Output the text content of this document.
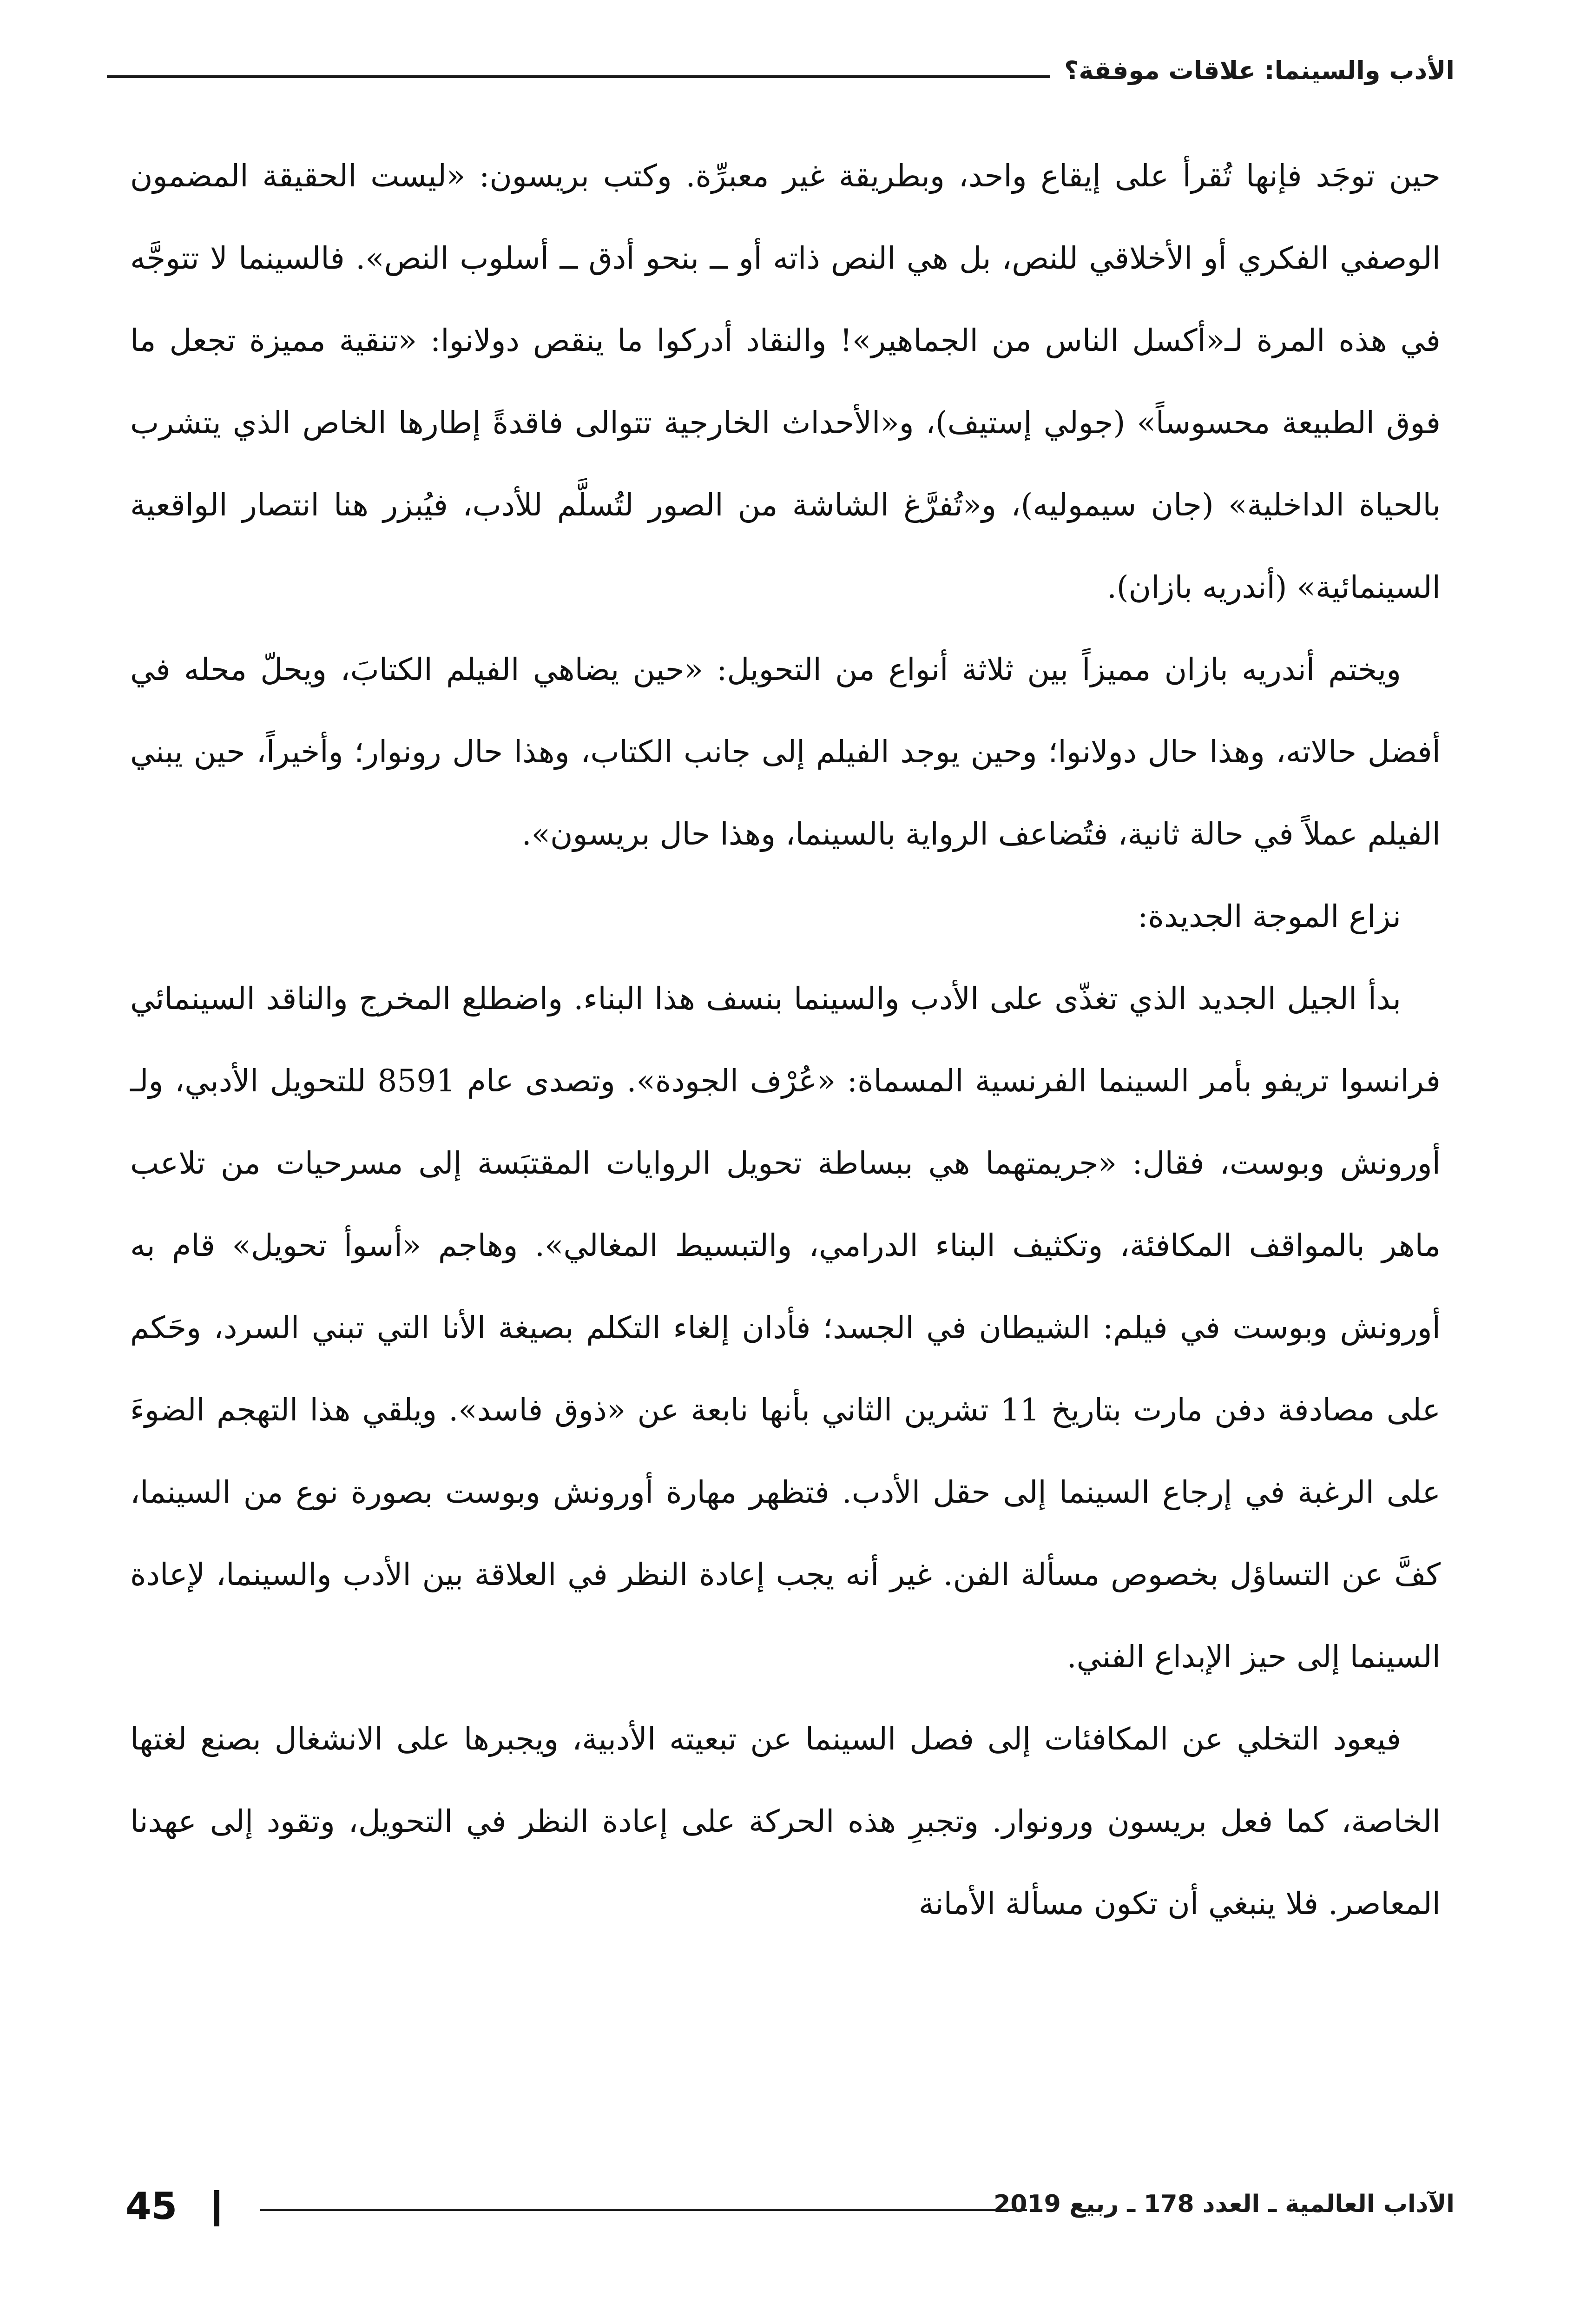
الأدب والسينما: علاقات موفقة؟

حين توجَد فإنها تُقرأ على إيقاع واحد، وبطريقة غير معبرِّة. وكتب بريسون: «ليست الحقيقة المضمون الوصفي الفكري أو الأخلاقي للنص، بل هي النص ذاته أو ــ بنحو أدق ــ أسلوب النص». فالسينما لا تتوجَّه في هذه المرة لـ«أكسل الناس من الجماهير»! والنقاد أدركوا ما ينقص دولانوا: «تنقية مميزة تجعل ما فوق الطبيعة محسوساً» (جولي إستيف)، و«الأحداث الخارجية تتوالى فاقدةً إطارها الخاص الذي يتشرب بالحياة الداخلية» (جان سيموليه)، و«تُفرَّغ الشاشة من الصور لتُسلَّم للأدب، فيُبزر هنا انتصار الواقعية السينمائية» (أندريه بازان).

ويختم أندريه بازان مميزاً بين ثلاثة أنواع من التحويل: «حين يضاهي الفيلم الكتابَ، ويحلّ محله في أفضل حالاته، وهذا حال دولانوا؛ وحين يوجد الفيلم إلى جانب الكتاب، وهذا حال رونوار؛ وأخيراً، حين يبني الفيلم عملاً في حالة ثانية، فتُضاعف الرواية بالسينما، وهذا حال بريسون».

نزاع الموجة الجديدة:

بدأ الجيل الجديد الذي تغذّى على الأدب والسينما بنسف هذا البناء. واضطلع المخرج والناقد السينمائي فرانسوا تريفو بأمر السينما الفرنسية المسماة: «عُرْف الجودة». وتصدى عام 8591 للتحويل الأدبي، ولـ أورونش وبوست، فقال: «جريمتهما هي ببساطة تحويل الروايات المقتبَسة إلى مسرحيات من تلاعب ماهر بالمواقف المكافئة، وتكثيف البناء الدرامي، والتبسيط المغالي». وهاجم «أسوأ تحويل» قام به أورونش وبوست في فيلم: الشيطان في الجسد؛ فأدان إلغاء التكلم بصيغة الأنا التي تبني السرد، وحَكم على مصادفة دفن مارت بتاريخ 11 تشرين الثاني بأنها نابعة عن «ذوق فاسد». ويلقي هذا التهجم الضوءَ على الرغبة في إرجاع السينما إلى حقل الأدب. فتظهر مهارة أورونش وبوست بصورة نوع من السينما، كفَّ عن التساؤل بخصوص مسألة الفن. غير أنه يجب إعادة النظر في العلاقة بين الأدب والسينما، لإعادة السينما إلى حيز الإبداع الفني.

فيعود التخلي عن المكافئات إلى فصل السينما عن تبعيته الأدبية، ويجبرها على الانشغال بصنع لغتها الخاصة، كما فعل بريسون ورونوار. وتجبرِ هذه الحركة على إعادة النظر في التحويل، وتقود إلى عهدنا المعاصر. فلا ينبغي أن تكون مسألة الأمانة

45	الآداب العالمية ـ العدد 178 ـ ربيع 2019
